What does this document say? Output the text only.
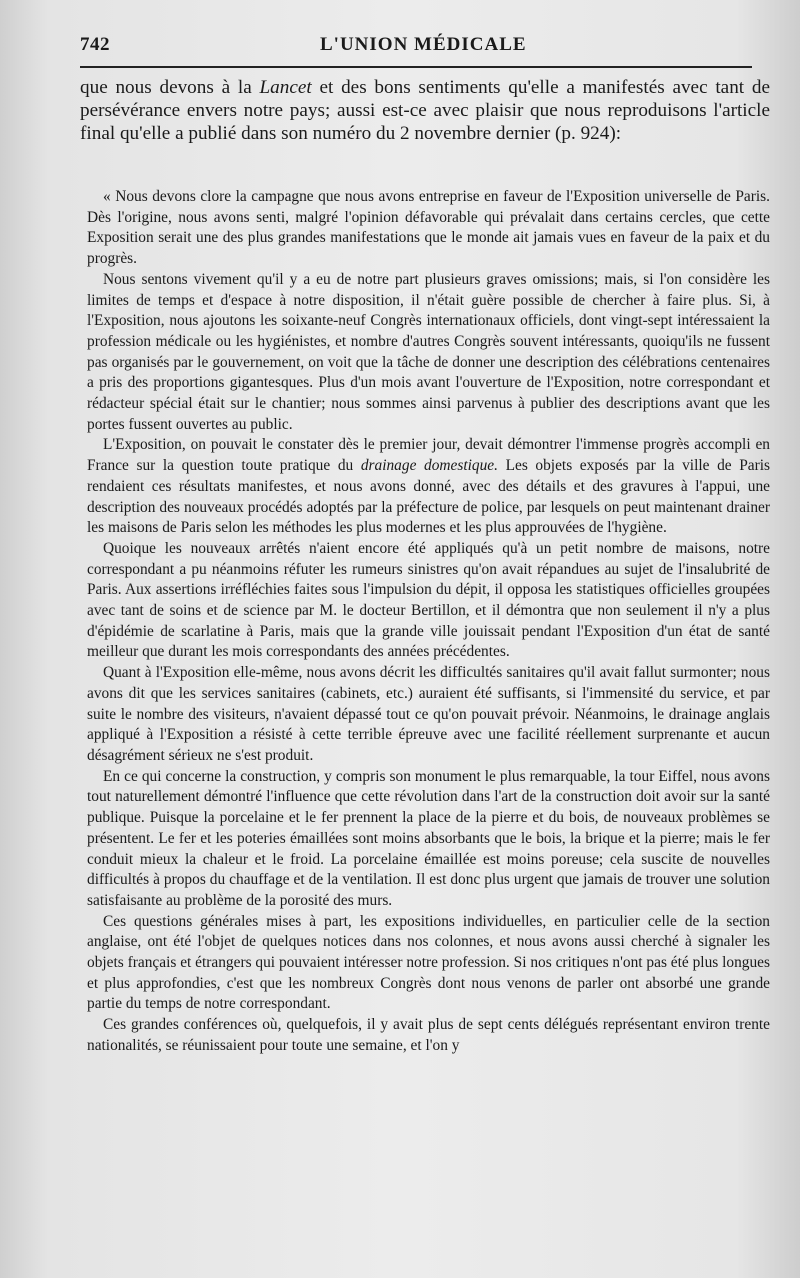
742	L'UNION MÉDICALE

que nous devons à la Lancet et des bons sentiments qu'elle a manifestés avec tant de persévérance envers notre pays; aussi est-ce avec plaisir que nous reproduisons l'article final qu'elle a publié dans son numéro du 2 novembre dernier (p. 924):

« Nous devons clore la campagne que nous avons entreprise en faveur de l'Exposition universelle de Paris. Dès l'origine, nous avons senti, malgré l'opinion défavorable qui prévalait dans certains cercles, que cette Exposition serait une des plus grandes manifestations que le monde ait jamais vues en faveur de la paix et du progrès.

Nous sentons vivement qu'il y a eu de notre part plusieurs graves omissions; mais, si l'on considère les limites de temps et d'espace à notre disposition, il n'était guère possible de chercher à faire plus. Si, à l'Exposition, nous ajoutons les soixante-neuf Congrès internationaux officiels, dont vingt-sept intéressaient la profession médicale ou les hygiénistes, et nombre d'autres Congrès souvent intéressants, quoiqu'ils ne fussent pas organisés par le gouvernement, on voit que la tâche de donner une description des célébrations centenaires a pris des proportions gigantesques. Plus d'un mois avant l'ouverture de l'Exposition, notre correspondant et rédacteur spécial était sur le chantier; nous sommes ainsi parvenus à publier des descriptions avant que les portes fussent ouvertes au public.

L'Exposition, on pouvait le constater dès le premier jour, devait démontrer l'immense progrès accompli en France sur la question toute pratique du drainage domestique. Les objets exposés par la ville de Paris rendaient ces résultats manifestes, et nous avons donné, avec des détails et des gravures à l'appui, une description des nouveaux procédés adoptés par la préfecture de police, par lesquels on peut maintenant drainer les maisons de Paris selon les méthodes les plus modernes et les plus approuvées de l'hygiène.

Quoique les nouveaux arrêtés n'aient encore été appliqués qu'à un petit nombre de maisons, notre correspondant a pu néanmoins réfuter les rumeurs sinistres qu'on avait répandues au sujet de l'insalubrité de Paris. Aux assertions irréfléchies faites sous l'impulsion du dépit, il opposa les statistiques officielles groupées avec tant de soins et de science par M. le docteur Bertillon, et il démontra que non seulement il n'y a plus d'épidémie de scarlatine à Paris, mais que la grande ville jouissait pendant l'Exposition d'un état de santé meilleur que durant les mois correspondants des années précédentes.

Quant à l'Exposition elle-même, nous avons décrit les difficultés sanitaires qu'il avait fallut surmonter; nous avons dit que les services sanitaires (cabinets, etc.) auraient été suffisants, si l'immensité du service, et par suite le nombre des visiteurs, n'avaient dépassé tout ce qu'on pouvait prévoir. Néanmoins, le drainage anglais appliqué à l'Exposition a résisté à cette terrible épreuve avec une facilité réellement surprenante et aucun désagrément sérieux ne s'est produit.

En ce qui concerne la construction, y compris son monument le plus remarquable, la tour Eiffel, nous avons tout naturellement démontré l'influence que cette révolution dans l'art de la construction doit avoir sur la santé publique. Puisque la porcelaine et le fer prennent la place de la pierre et du bois, de nouveaux problèmes se présentent. Le fer et les poteries émaillées sont moins absorbants que le bois, la brique et la pierre; mais le fer conduit mieux la chaleur et le froid. La porcelaine émaillée est moins poreuse; cela suscite de nouvelles difficultés à propos du chauffage et de la ventilation. Il est donc plus urgent que jamais de trouver une solution satisfaisante au problème de la porosité des murs.

Ces questions générales mises à part, les expositions individuelles, en particulier celle de la section anglaise, ont été l'objet de quelques notices dans nos colonnes, et nous avons aussi cherché à signaler les objets français et étrangers qui pouvaient intéresser notre profession. Si nos critiques n'ont pas été plus longues et plus approfondies, c'est que les nombreux Congrès dont nous venons de parler ont absorbé une grande partie du temps de notre correspondant.

Ces grandes conférences où, quelquefois, il y avait plus de sept cents délégués représentant environ trente nationalités, se réunissaient pour toute une semaine, et l'on y
